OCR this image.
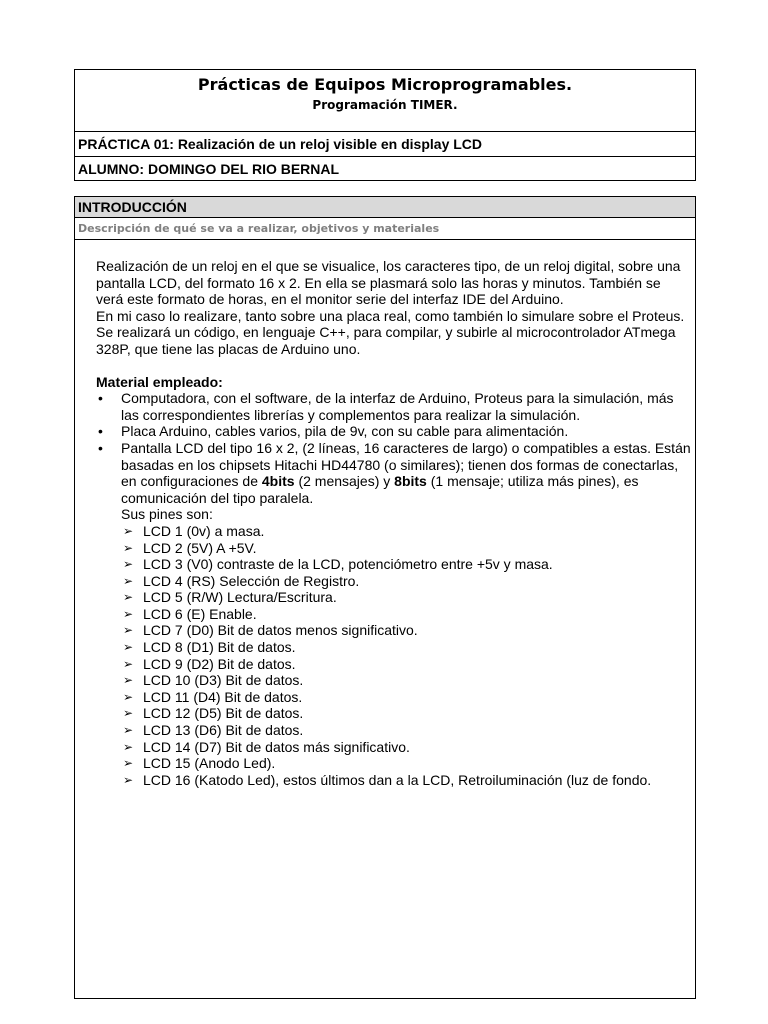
Prácticas de Equipos Microprogramables.
Programación TIMER.
PRÁCTICA 01: Realización de un reloj visible en display LCD
ALUMNO: DOMINGO DEL RIO BERNAL
INTRODUCCIÓN
Descripción de qué se va a realizar, objetivos y materiales

Realización de un reloj en el que se visualice, los caracteres tipo, de un reloj digital, sobre una pantalla LCD, del formato 16 x 2. En ella se plasmará solo las horas y minutos. También se verá este formato de horas, en el monitor serie del interfaz IDE del Arduino.

En mi caso lo realizare, tanto sobre una placa real, como también lo simulare sobre el Proteus. Se realizará un código, en lenguaje C++, para compilar, y subirle al microcontrolador ATmega 328P, que tiene las placas de Arduino uno.

Material empleado:

• Computadora, con el software, de la interfaz de Arduino, Proteus para la simulación, más las correspondientes librerías y complementos para realizar la simulación.
• Placa Arduino, cables varios, pila de 9v, con su cable para alimentación.
• Pantalla LCD del tipo 16 x 2, (2 líneas, 16 caracteres de largo) o compatibles a estas. Están basadas en los chipsets Hitachi HD44780 (o similares); tienen dos formas de conectarlas, en configuraciones de 4bits (2 mensajes) y 8bits (1 mensaje; utiliza más pines), es comunicación del tipo paralela.
Sus pines son:
➢ LCD 1 (0v) a masa.
➢ LCD 2 (5V) A +5V.
➢ LCD 3 (V0) contraste de la LCD, potenciómetro entre +5v y masa.
➢ LCD 4 (RS) Selección de Registro.
➢ LCD 5 (R/W) Lectura/Escritura.
➢ LCD 6 (E) Enable.
➢ LCD 7 (D0) Bit de datos menos significativo.
➢ LCD 8 (D1) Bit de datos.
➢ LCD 9 (D2) Bit de datos.
➢ LCD 10 (D3) Bit de datos.
➢ LCD 11 (D4) Bit de datos.
➢ LCD 12 (D5) Bit de datos.
➢ LCD 13 (D6) Bit de datos.
➢ LCD 14 (D7) Bit de datos más significativo.
➢ LCD 15 (Anodo Led).
➢ LCD 16 (Katodo Led), estos últimos dan a la LCD, Retroiluminación (luz de fondo.
